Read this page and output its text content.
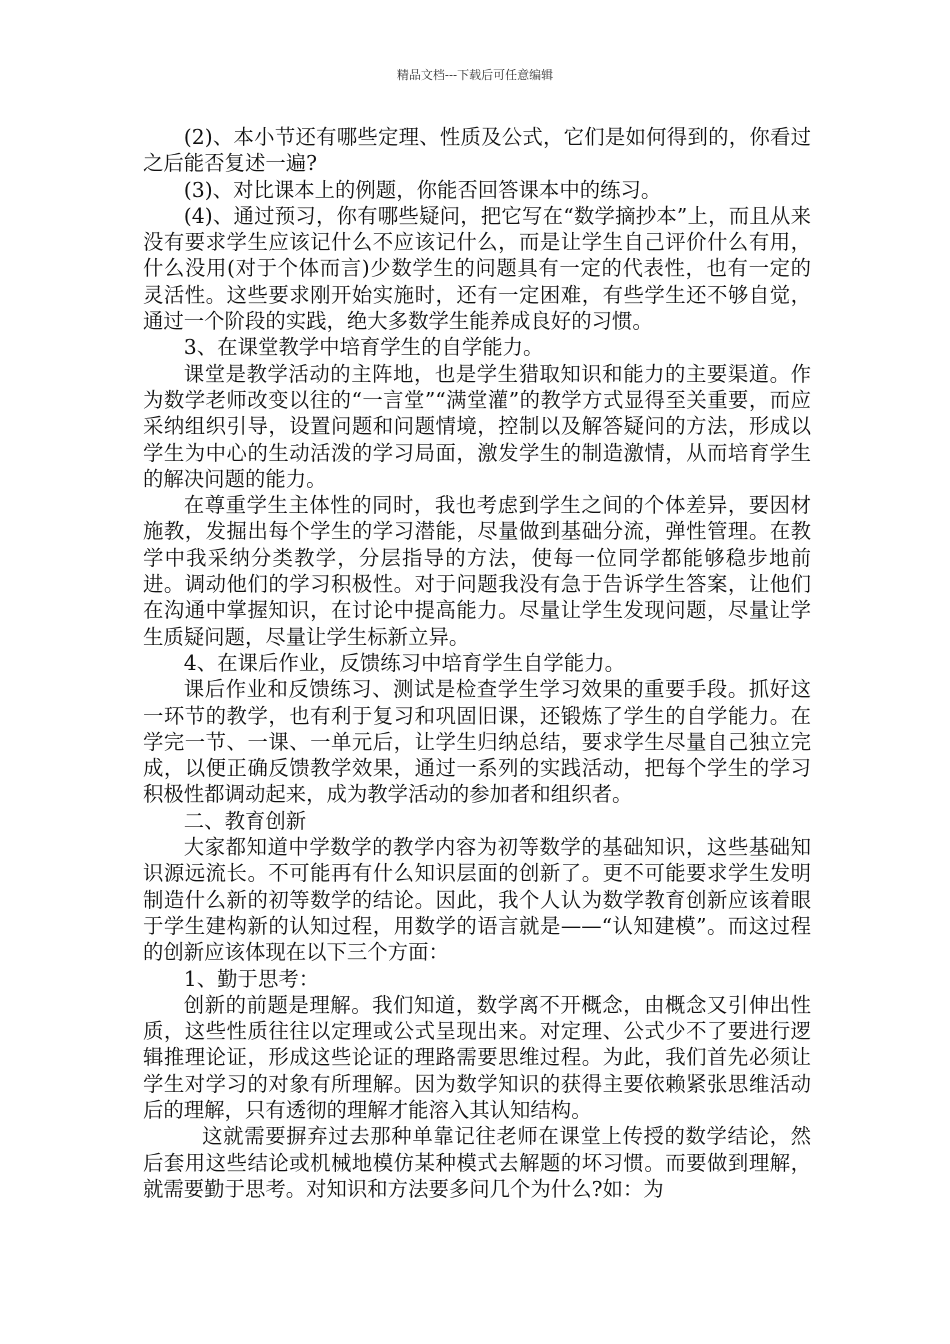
精品文档---下载后可任意编辑

(2)、本小节还有哪些定理、性质及公式，它们是如何得到的，你看过之后能否复述一遍?

(3)、对比课本上的例题，你能否回答课本中的练习。

(4)、通过预习，你有哪些疑问，把它写在“数学摘抄本”上，而且从来没有要求学生应该记什么不应该记什么，而是让学生自己评价什么有用，什么没用(对于个体而言)少数学生的问题具有一定的代表性，也有一定的灵活性。这些要求刚开始实施时，还有一定困难，有些学生还不够自觉，通过一个阶段的实践，绝大多数学生能养成良好的习惯。

3、在课堂教学中培育学生的自学能力。

课堂是教学活动的主阵地，也是学生猎取知识和能力的主要渠道。作为数学老师改变以往的“一言堂”“满堂灌”的教学方式显得至关重要，而应采纳组织引导，设置问题和问题情境，控制以及解答疑问的方法，形成以学生为中心的生动活泼的学习局面，激发学生的制造激情，从而培育学生的解决问题的能力。

在尊重学生主体性的同时，我也考虑到学生之间的个体差异，要因材施教，发掘出每个学生的学习潜能，尽量做到基础分流，弹性管理。在教学中我采纳分类教学，分层指导的方法，使每一位同学都能够稳步地前进。调动他们的学习积极性。对于问题我没有急于告诉学生答案，让他们在沟通中掌握知识，在讨论中提高能力。尽量让学生发现问题，尽量让学生质疑问题，尽量让学生标新立异。

4、在课后作业，反馈练习中培育学生自学能力。

课后作业和反馈练习、测试是检查学生学习效果的重要手段。抓好这一环节的教学，也有利于复习和巩固旧课，还锻炼了学生的自学能力。在学完一节、一课、一单元后，让学生归纳总结，要求学生尽量自己独立完成，以便正确反馈教学效果，通过一系列的实践活动，把每个学生的学习积极性都调动起来，成为教学活动的参加者和组织者。

二、教育创新

大家都知道中学数学的教学内容为初等数学的基础知识，这些基础知识源远流长。不可能再有什么知识层面的创新了。更不可能要求学生发明制造什么新的初等数学的结论。因此，我个人认为数学教育创新应该着眼于学生建构新的认知过程，用数学的语言就是——“认知建模”。而这过程的创新应该体现在以下三个方面：

1、勤于思考：

创新的前题是理解。我们知道，数学离不开概念，由概念又引伸出性质，这些性质往往以定理或公式呈现出来。对定理、公式少不了要进行逻辑推理论证，形成这些论证的理路需要思维过程。为此，我们首先必须让学生对学习的对象有所理解。因为数学知识的获得主要依赖紧张思维活动后的理解，只有透彻的理解才能溶入其认知结构。

这就需要摒弃过去那种单靠记往老师在课堂上传授的数学结论，然后套用这些结论或机械地模仿某种模式去解题的坏习惯。而要做到理解，就需要勤于思考。对知识和方法要多问几个为什么?如：为
